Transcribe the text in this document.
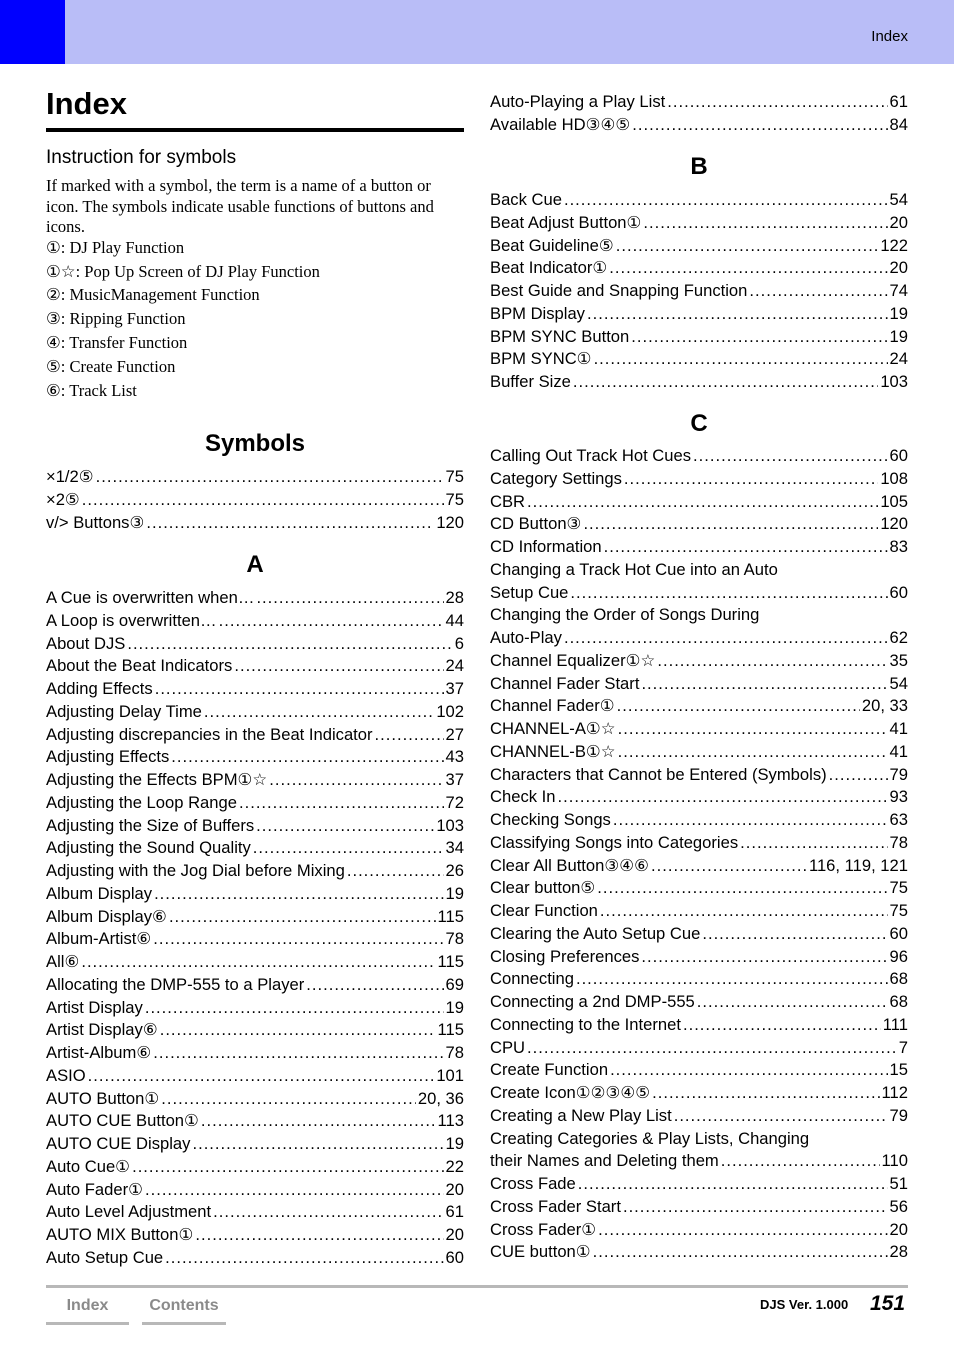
Index
Index
Instruction for symbols
If marked with a symbol, the term is a name of a button or icon. The symbols indicate usable functions of buttons and icons.
①: DJ Play Function
①☆: Pop Up Screen of DJ Play Function
②: MusicManagement Function
③: Ripping Function
④: Transfer Function
⑤: Create Function
⑥: Track List
Symbols
A
B
C
×1/2⑤ .....	75
×2⑤ .....	75
v/> Buttons③ .....	120
A Cue is overwritten when… .....	28
A Loop is overwritten… .....	44
About DJS .....	6
About the Beat Indicators .....	24
Adding Effects .....	37
Adjusting Delay Time .....	102
Adjusting discrepancies in the Beat Indicator .....	27
Adjusting Effects .....	43
Adjusting the Effects BPM①☆ .....	37
Adjusting the Loop Range .....	72
Adjusting the Size of Buffers .....	103
Adjusting the Sound Quality .....	34
Adjusting with the Jog Dial before Mixing .....	26
Album Display .....	19
Album Display⑥ .....	115
Album-Artist⑥ .....	78
All⑥ .....	115
Allocating the DMP-555 to a Player .....	69
Artist Display .....	19
Artist Display⑥ .....	115
Artist-Album⑥ .....	78
ASIO .....	101
AUTO Button① .....	20, 36
AUTO CUE Button① .....	113
AUTO CUE Display .....	19
Auto Cue① .....	22
Auto Fader① .....	20
Auto Level Adjustment .....	61
AUTO MIX Button① .....	20
Auto Setup Cue .....	60
Auto-Playing a Play List .....	61
Available HD③④⑤ .....	84
Back Cue .....	54
Beat Adjust Button① .....	20
Beat Guideline⑤ .....	122
Beat Indicator① .....	20
Best Guide and Snapping Function .....	74
BPM Display .....	19
BPM SYNC Button .....	19
BPM SYNC① .....	24
Buffer Size .....	103
Calling Out Track Hot Cues .....	60
Category Settings .....	108
CBR .....	105
CD Button③ .....	120
CD Information .....	83
Changing a Track Hot Cue into an Auto
Setup Cue .....	60
Changing the Order of Songs During
Auto-Play .....	62
Channel Equalizer①☆ .....	35
Channel Fader Start .....	54
Channel Fader① .....	20, 33
CHANNEL-A①☆ .....	41
CHANNEL-B①☆ .....	41
Characters that Cannot be Entered (Symbols) .....	79
Check In .....	93
Checking Songs .....	63
Classifying Songs into Categories .....	78
Clear All Button③④⑥ .....	116, 119, 121
Clear button⑤ .....	75
Clear Function .....	75
Clearing the Auto Setup Cue .....	60
Closing Preferences .....	96
Connecting .....	68
Connecting a 2nd DMP-555 .....	68
Connecting to the Internet .....	111
CPU .....	7
Create Function .....	15
Create Icon①②③④⑤ .....	112
Creating a New Play List .....	79
Creating Categories & Play Lists, Changing
their Names and Deleting them .....	110
Cross Fade .....	51
Cross Fader Start .....	56
Cross Fader① .....	20
CUE button① .....	28
Index	Contents	DJS Ver. 1.000 151
